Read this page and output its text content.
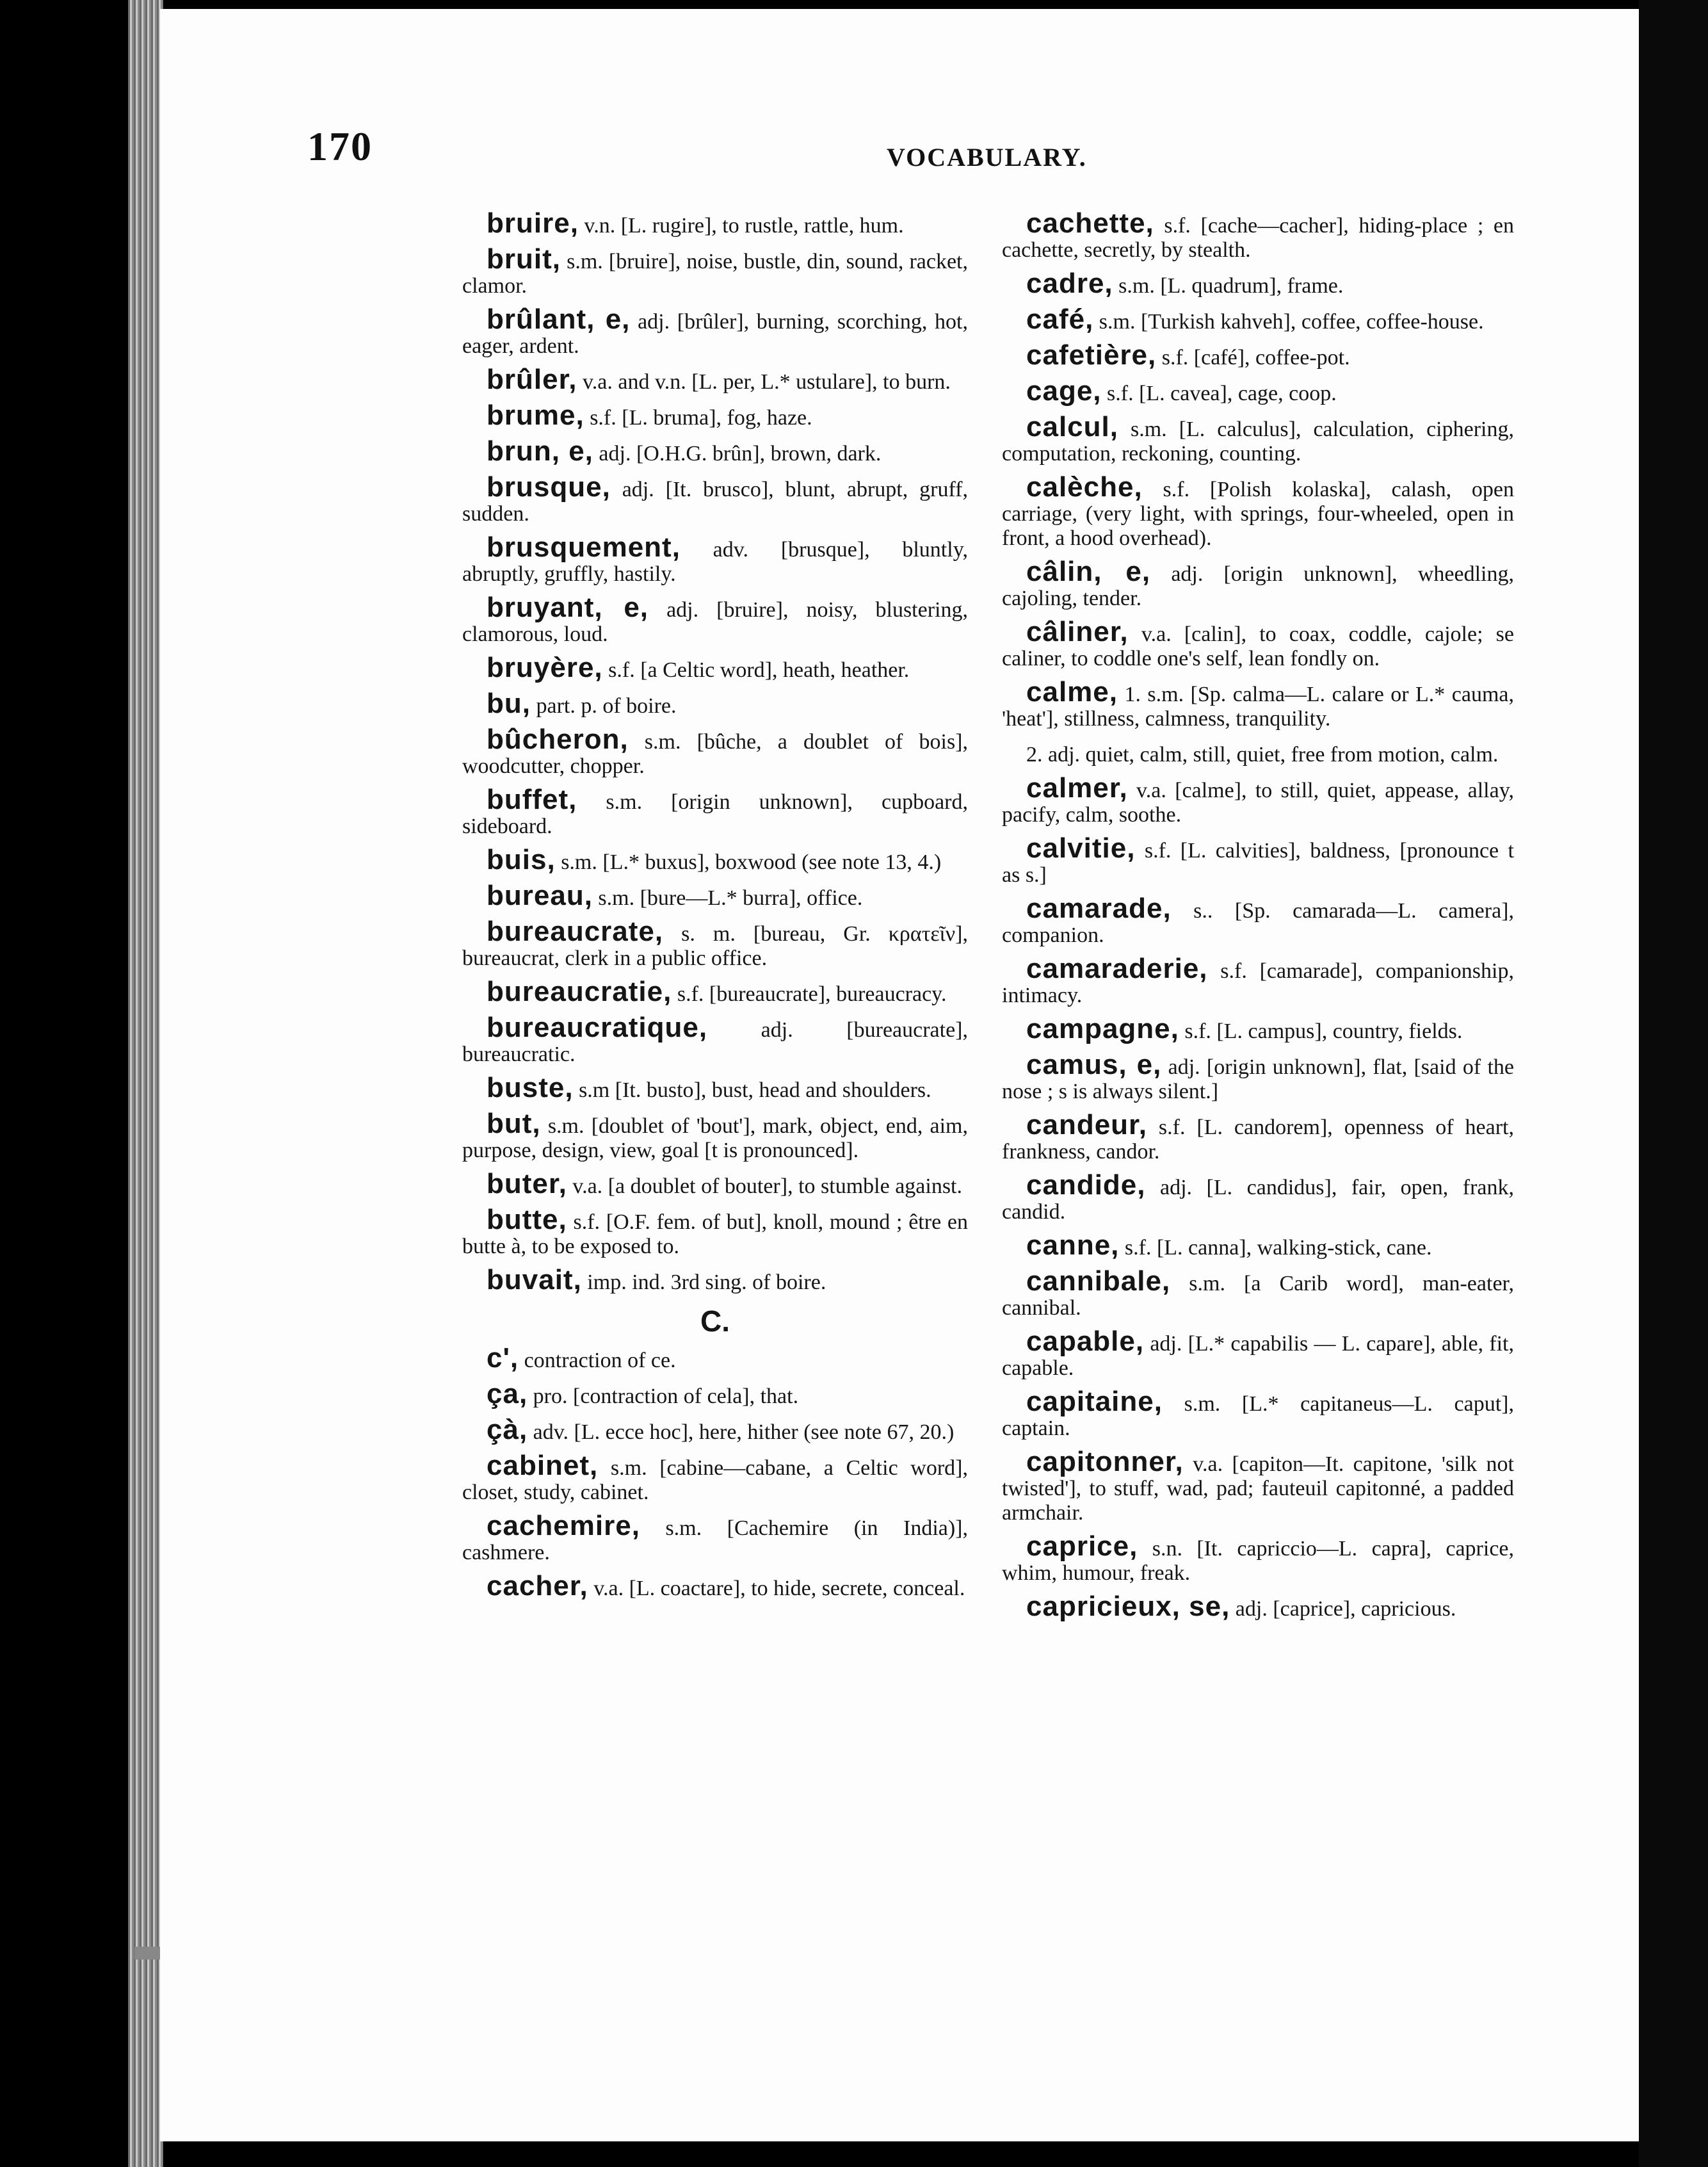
170	VOCABULARY.
bruire, v.n. [L. rugire], to rustle, rattle, hum.
bruit, s.m. [bruire], noise, bustle, din, sound, racket, clamor.
brûlant, e, adj. [brûler], burning, scorching, hot, eager, ardent.
brûler, v.a. and v.n. [L. per, L.* ustulare], to burn.
brume, s.f. [L. bruma], fog, haze.
brun, e, adj. [O.H.G. brûn], brown, dark.
brusque, adj. [It. brusco], blunt, abrupt, gruff, sudden.
brusquement, adv. [brusque], bluntly, abruptly, gruffly, hastily.
bruyant, e, adj. [bruire], noisy, blustering, clamorous, loud.
bruyère, s.f. [a Celtic word], heath, heather.
bu, part. p. of boire.
bûcheron, s.m. [bûche, a doublet of bois], woodcutter, chopper.
buffet, s.m. [origin unknown], cupboard, sideboard.
buis, s.m. [L.* buxus], boxwood (see note 13, 4.)
bureau, s.m. [bure—L.* burra], office.
bureaucrate, s. m. [bureau, Gr. κρατεῖν], bureaucrat, clerk in a public office.
bureaucratie, s.f. [bureaucrate], bureaucracy.
bureaucratique, adj. [bureaucrate], bureaucratic.
buste, s.m [It. busto], bust, head and shoulders.
but, s.m. [doublet of 'bout'], mark, object, end, aim, purpose, design, view, goal [t is pronounced].
buter, v.a. [a doublet of bouter], to stumble against.
butte, s.f. [O.F. fem. of but], knoll, mound ; être en butte à, to be exposed to.
buvait, imp. ind. 3rd sing. of boire.
C.
c', contraction of ce.
ça, pro. [contraction of cela], that.
çà, adv. [L. ecce hoc], here, hither (see note 67, 20.)
cabinet, s.m. [cabine—cabane, a Celtic word], closet, study, cabinet.
cachemire, s.m. [Cachemire (in India)], cashmere.
cacher, v.a. [L. coactare], to hide, secrete, conceal.
cachette, s.f. [cache—cacher], hiding-place ; en cachette, secretly, by stealth.
cadre, s.m. [L. quadrum], frame.
café, s.m. [Turkish kahveh], coffee, coffee-house.
cafetière, s.f. [café], coffee-pot.
cage, s.f. [L. cavea], cage, coop.
calcul, s.m. [L. calculus], calculation, ciphering, computation, reckoning, counting.
calèche, s.f. [Polish kolaska], calash, open carriage, (very light, with springs, four-wheeled, open in front, a hood overhead).
câlin, e, adj. [origin unknown], wheedling, cajoling, tender.
câliner, v.a. [calin], to coax, coddle, cajole; se caliner, to coddle one's self, lean fondly on.
calme, 1. s.m. [Sp. calma—L. calare or L.* cauma, 'heat'], stillness, calmness, tranquility.
2. adj. quiet, calm, still, quiet, free from motion, calm.
calmer, v.a. [calme], to still, quiet, appease, allay, pacify, calm, soothe.
calvitie, s.f. [L. calvities], baldness, [pronounce t as s.]
camarade, s.. [Sp. camarada—L. camera], companion.
camaraderie, s.f. [camarade], companionship, intimacy.
campagne, s.f. [L. campus], country, fields.
camus, e, adj. [origin unknown], flat, [said of the nose ; s is always silent.]
candeur, s.f. [L. candorem], openness of heart, frankness, candor.
candide, adj. [L. candidus], fair, open, frank, candid.
canne, s.f. [L. canna], walking-stick, cane.
cannibale, s.m. [a Carib word], man-eater, cannibal.
capable, adj. [L.* capabilis — L. capare], able, fit, capable.
capitaine, s.m. [L.* capitaneus—L. caput], captain.
capitonner, v.a. [capiton—It. capitone, 'silk not twisted'], to stuff, wad, pad; fauteuil capitonné, a padded armchair.
caprice, s.n. [It. capriccio—L. capra], caprice, whim, humour, freak.
capricieux, se, adj. [caprice], capricious.
